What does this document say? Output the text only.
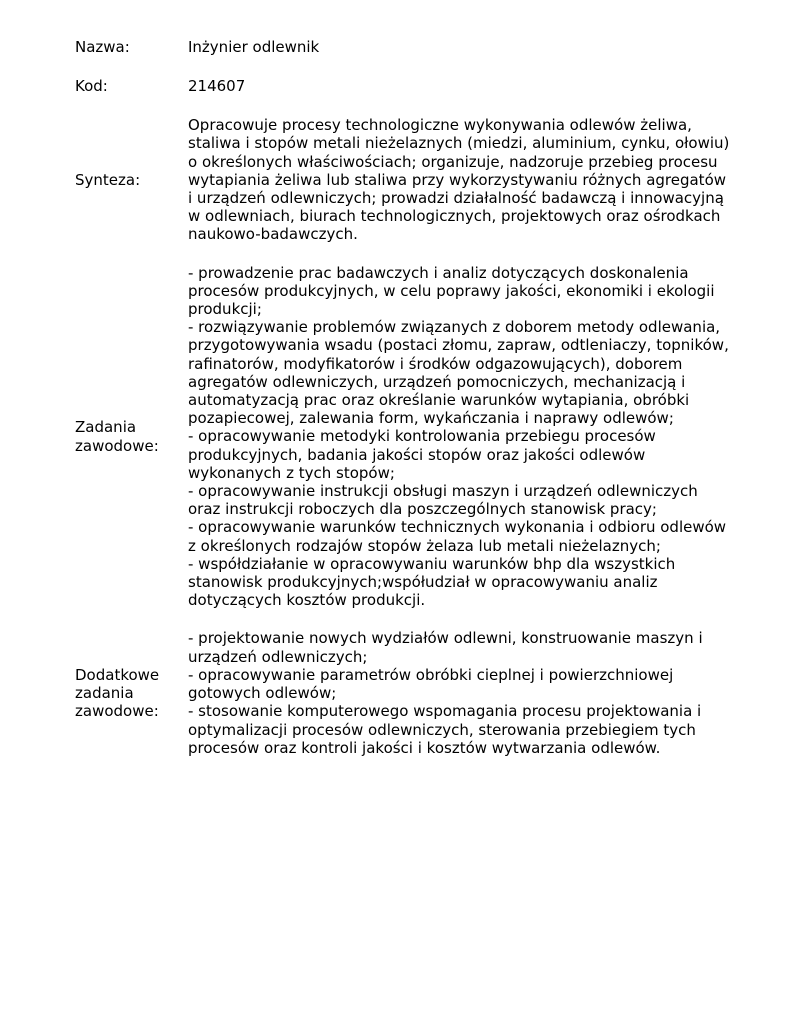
Nazwa:	Inżynier odlewnik
Kod:	214607
Synteza:
Opracowuje procesy technologiczne wykonywania odlewów żeliwa,
staliwa i stopów metali nieżelaznych (miedzi, aluminium, cynku, ołowiu)
o określonych właściwościach; organizuje, nadzoruje przebieg procesu
wytapiania żeliwa lub staliwa przy wykorzystywaniu różnych agregatów
i urządzeń odlewniczych; prowadzi działalność badawczą i innowacyjną
w odlewniach, biurach technologicznych, projektowych oraz ośrodkach
naukowo-badawczych.
Zadania
zawodowe:
- prowadzenie prac badawczych i analiz dotyczących doskonalenia
procesów produkcyjnych, w celu poprawy jakości, ekonomiki i ekologii
produkcji;
- rozwiązywanie problemów związanych z doborem metody odlewania,
przygotowywania wsadu (postaci złomu, zapraw, odtleniaczy, topników,
rafinatorów, modyfikatorów i środków odgazowujących), doborem
agregatów odlewniczych, urządzeń pomocniczych, mechanizacją i
automatyzacją prac oraz określanie warunków wytapiania, obróbki
pozapiecowej, zalewania form, wykańczania i naprawy odlewów;
- opracowywanie metodyki kontrolowania przebiegu procesów
produkcyjnych, badania jakości stopów oraz jakości odlewów
wykonanych z tych stopów;
- opracowywanie instrukcji obsługi maszyn i urządzeń odlewniczych
oraz instrukcji roboczych dla poszczególnych stanowisk pracy;
- opracowywanie warunków technicznych wykonania i odbioru odlewów
z określonych rodzajów stopów żelaza lub metali nieżelaznych;
- współdziałanie w opracowywaniu warunków bhp dla wszystkich
stanowisk produkcyjnych;współudział w opracowywaniu analiz
dotyczących kosztów produkcji.
Dodatkowe
zadania
zawodowe:
- projektowanie nowych wydziałów odlewni, konstruowanie maszyn i
urządzeń odlewniczych;
- opracowywanie parametrów obróbki cieplnej i powierzchniowej
gotowych odlewów;
- stosowanie komputerowego wspomagania procesu projektowania i
optymalizacji procesów odlewniczych, sterowania przebiegiem tych
procesów oraz kontroli jakości i kosztów wytwarzania odlewów.
